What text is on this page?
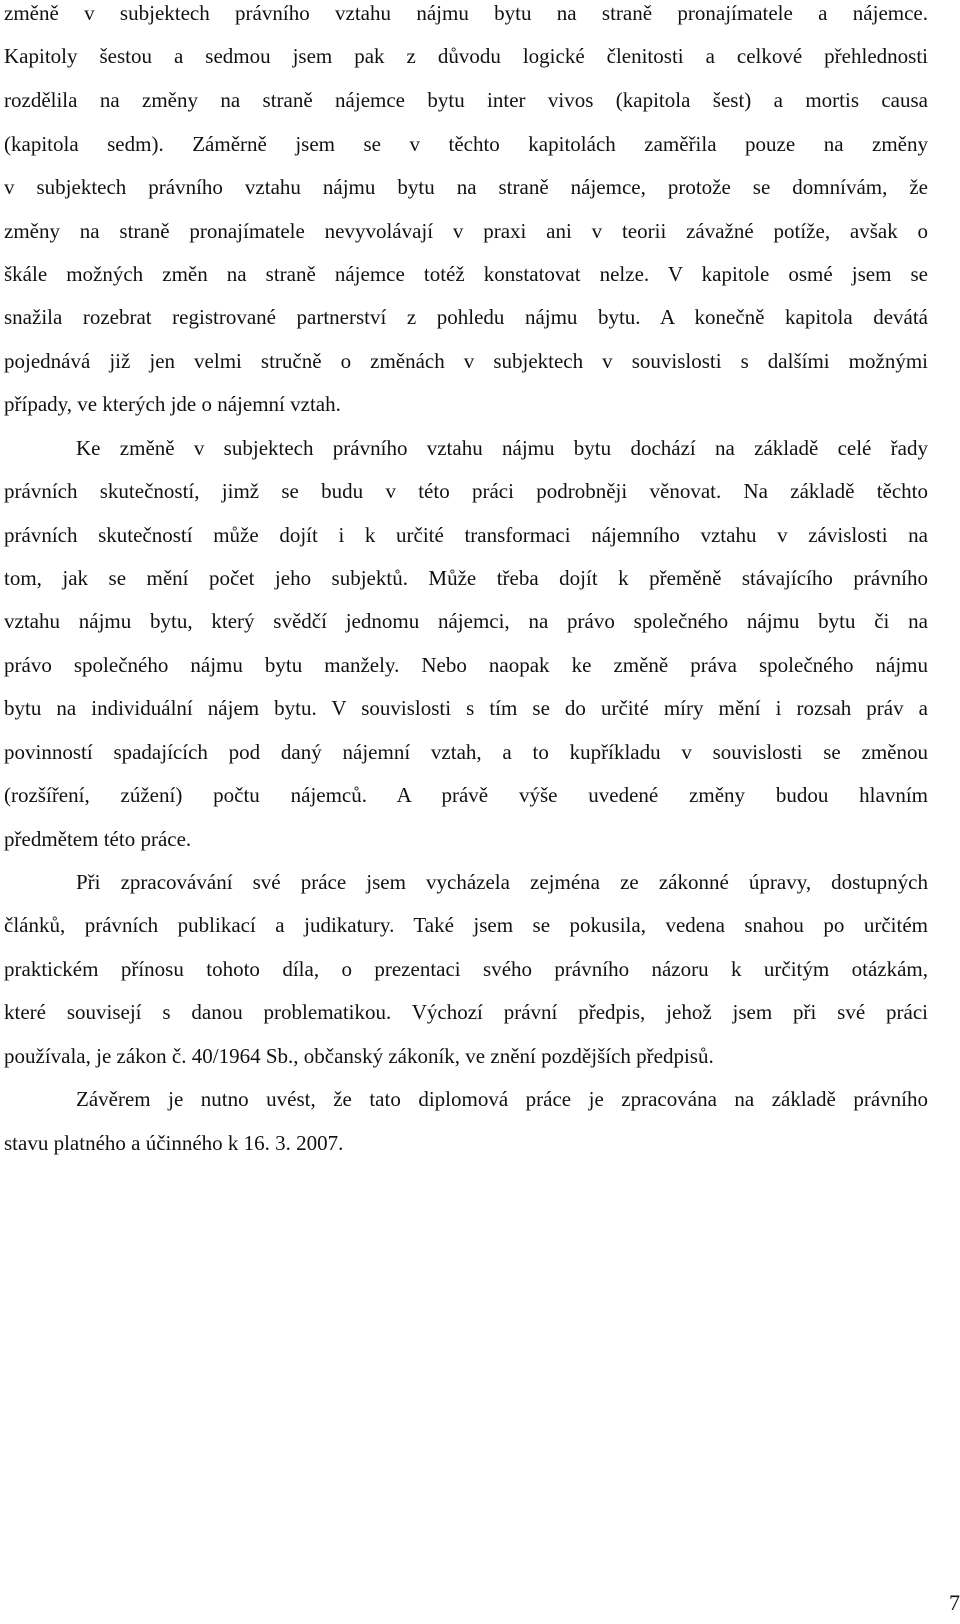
změně v subjektech právního vztahu nájmu bytu na straně pronajímatele a nájemce.
Kapitoly šestou a sedmou jsem pak z důvodu logické členitosti a celkové přehlednosti
rozdělila na změny na straně nájemce bytu inter vivos (kapitola šest) a mortis causa
(kapitola sedm). Záměrně jsem se v těchto kapitolách zaměřila pouze na změny
v subjektech právního vztahu nájmu bytu na straně nájemce, protože se domnívám, že
změny na straně pronajímatele nevyvolávají v praxi ani v teorii závažné potíže, avšak o
škále možných změn na straně nájemce totéž konstatovat nelze. V kapitole osmé jsem se
snažila rozebrat registrované partnerství z pohledu nájmu bytu. A konečně kapitola devátá
pojednává již jen velmi stručně o změnách v subjektech v souvislosti s dalšími možnými
případy, ve kterých jde o nájemní vztah.
Ke změně v subjektech právního vztahu nájmu bytu dochází na základě celé řady
právních skutečností, jimž se budu v této práci podrobněji věnovat. Na základě těchto
právních skutečností může dojít i k určité transformaci nájemního vztahu v závislosti na
tom, jak se mění počet jeho subjektů. Může třeba dojít k přeměně stávajícího právního
vztahu nájmu bytu, který svědčí jednomu nájemci, na právo společného nájmu bytu či na
právo společného nájmu bytu manžely. Nebo naopak ke změně práva společného nájmu
bytu na individuální nájem bytu. V souvislosti s tím se do určité míry mění i rozsah práv a
povinností spadajících pod daný nájemní vztah, a to kupříkladu v souvislosti se změnou
(rozšíření, zúžení) počtu nájemců. A právě výše uvedené změny budou hlavním
předmětem této práce.
Při zpracovávání své práce jsem vycházela zejména ze zákonné úpravy, dostupných
článků, právních publikací a judikatury. Také jsem se pokusila, vedena snahou po určitém
praktickém přínosu tohoto díla, o prezentaci svého právního názoru k určitým otázkám,
které souvisejí s danou problematikou. Výchozí právní předpis, jehož jsem při své práci
používala, je zákon č. 40/1964 Sb., občanský zákoník, ve znění pozdějších předpisů.
Závěrem je nutno uvést, že tato diplomová práce je zpracována na základě právního
stavu platného a účinného k 16. 3. 2007.
7
